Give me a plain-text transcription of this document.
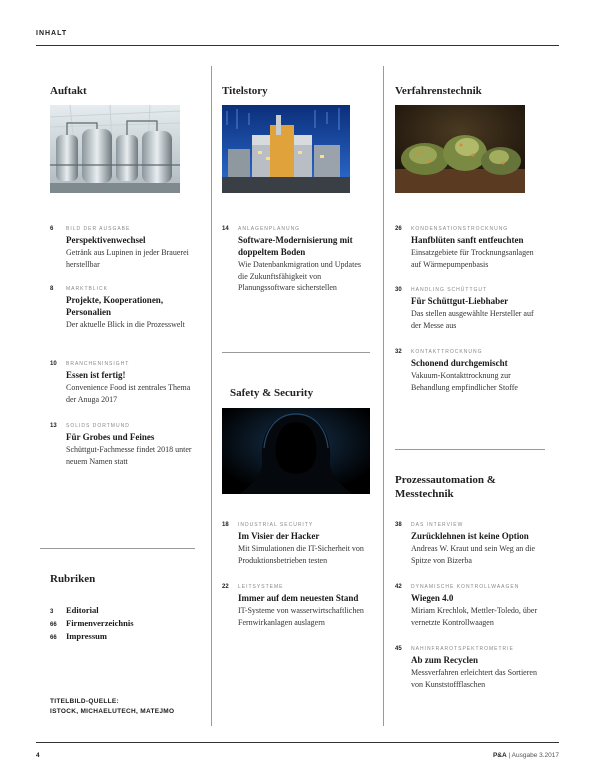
INHALT
Auftakt
6	BILD DER AUSGABE
Perspektivenwechsel
Getränk aus Lupinen in jeder Brauerei herstellbar
8	MARKTBLICK
Projekte, Kooperationen, Personalien
Der aktuelle Blick in die Prozesswelt
10 BRANCHENINSIGHT
Essen ist fertig!
Convenience Food ist zentrales Thema der Anuga 2017
13 SOLIDS DORTMUND
Für Grobes und Feines
Schüttgut-Fachmesse findet 2018 unter neuem Namen statt
Rubriken
3 Editorial
66 Firmenverzeichnis
66 Impressum
TITELBILD-QUELLE:
ISTOCK, MICHAELUTECH, MATEJMO
Titelstory
14 ANLAGENPLANUNG
Software-Modernisierung mit doppeltem Boden
Wie Datenbankmigration und Updates die Zukunftsfähigkeit von Planungssoftware sicherstellen
Safety & Security
18 INDUSTRIAL SECURITY
Im Visier der Hacker
Mit Simulationen die IT-Sicherheit von Produktionsbetrieben testen
22 LEITSYSTEME
Immer auf dem neuesten Stand
IT-Systeme von wasserwirtschaftlichen Fernwirkanlagen auslagern
Verfahrenstechnik
26 KONDENSATIONSTROCKNUNG
Hanfblüten sanft entfeuchten
Einsatzgebiete für Trocknungsanlagen auf Wärmepumpenbasis
30 HANDLING SCHÜTTGUT
Für Schüttgut-Liebhaber
Das stellen ausgewählte Hersteller auf der Messe aus
32 KONTAKTTROCKNUNG
Schonend durchgemischt
Vakuum-Kontakttrocknung zur Behandlung empfindlicher Stoffe
Prozessautomation &
Messtechnik
38 DAS INTERVIEW
Zurücklehnen ist keine Option
Andreas W. Kraut und sein Weg an die Spitze von Bizerba
42 DYNAMISCHE KONTROLLWAAGEN
Wiegen 4.0
Miriam Krechlok, Mettler-Toledo, über vernetzte Kontrollwaagen
45 NAHINFRAROTSPEKTROMETRIE
Ab zum Recyclen
Messverfahren erleichtert das Sortieren von Kunststoffflaschen
4	P&A | Ausgabe 3.2017
